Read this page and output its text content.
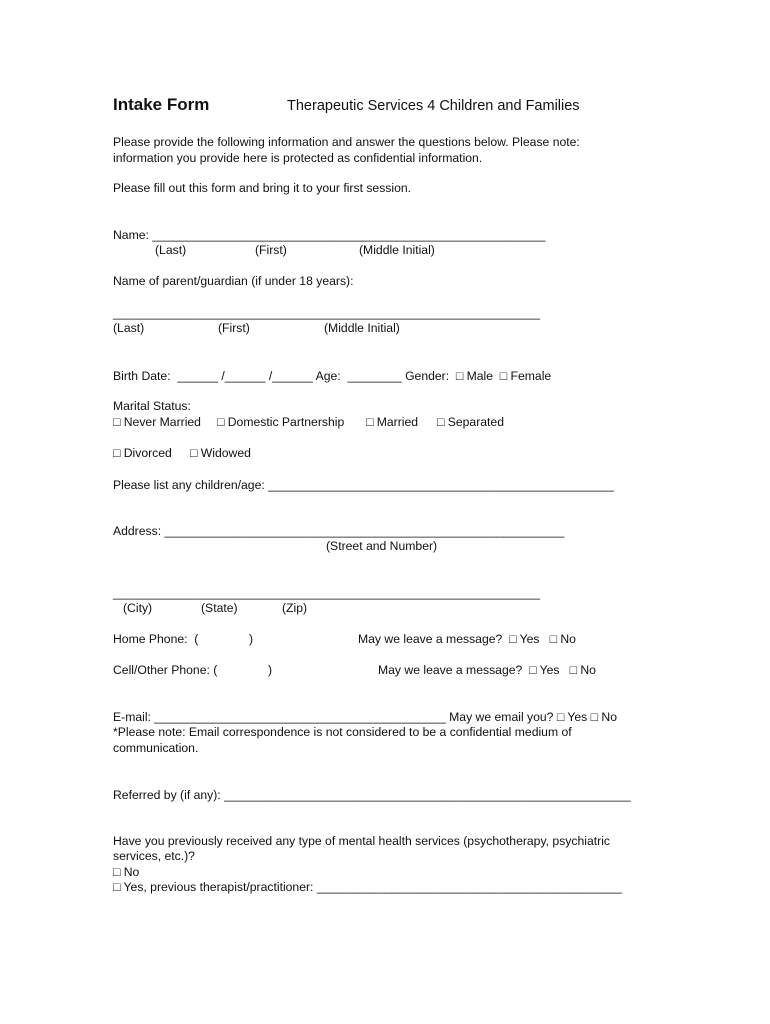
Intake Form	Therapeutic Services 4 Children and Families
Please provide the following information and answer the questions below. Please note:
information you provide here is protected as confidential information.
Please fill out this form and bring it to your first session.
Name: __________________________________________________________
(Last)	(First)	(Middle Initial)
Name of parent/guardian (if under 18 years):
_______________________________________________________________
(Last)	(First)	(Middle Initial)
Birth Date:  ______ /______ /______ Age:  ________ Gender:  □ Male  □ Female
Marital Status:
□ Never Married □ Domestic Partnership □ Married □ Separated
□ Divorced □ Widowed
Please list any children/age: ___________________________________________________
Address: ___________________________________________________________
(Street and Number)
_______________________________________________________________
(City)	(State)	(Zip)
Home Phone:  (	)	May we leave a message?  □ Yes   □ No
Cell/Other Phone: (	)	May we leave a message?  □ Yes   □ No
E-mail: ___________________________________________ May we email you? □ Yes □ No
*Please note: Email correspondence is not considered to be a confidential medium of
communication.
Referred by (if any): ____________________________________________________________
Have you previously received any type of mental health services (psychotherapy, psychiatric
services, etc.)?
□ No
□ Yes, previous therapist/practitioner: _____________________________________________
